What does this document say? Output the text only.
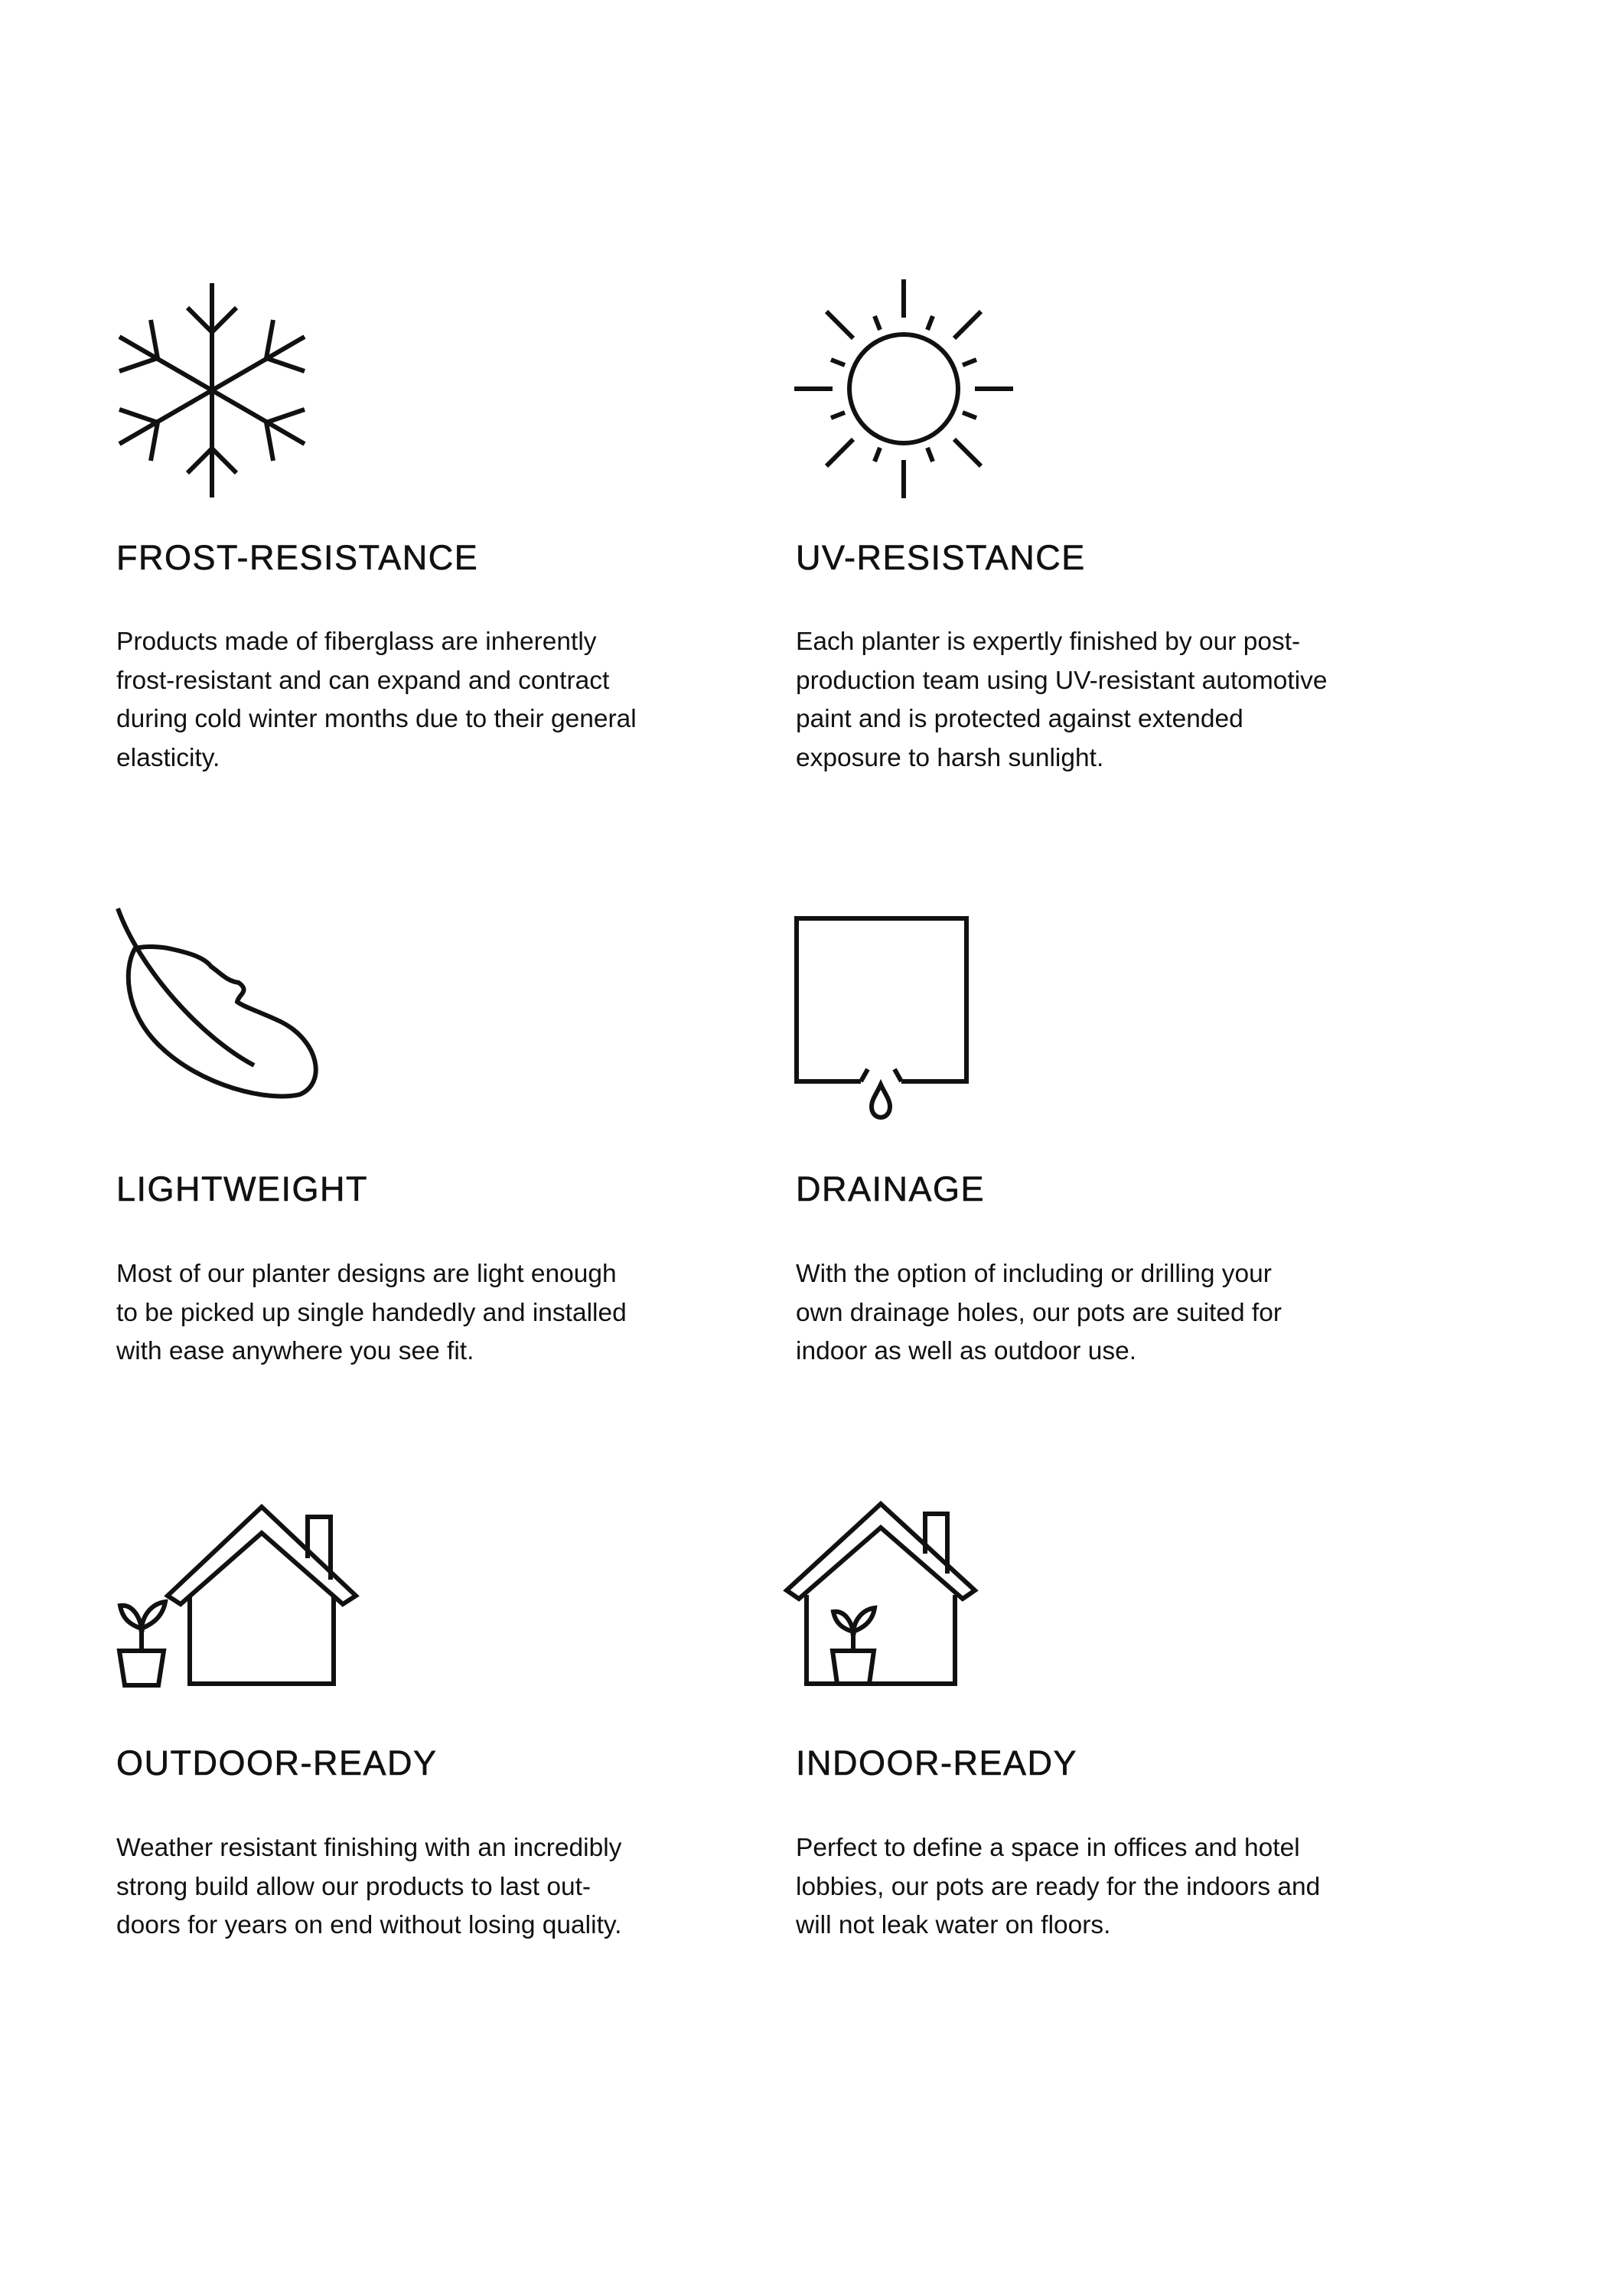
FROST-RESISTANCE

Products made of fiberglass are inherently
frost-resistant and can expand and contract
during cold winter months due to their general
elasticity.

UV-RESISTANCE

Each planter is expertly finished by our post-
production team using UV-resistant automotive
paint and is protected against extended
exposure to harsh sunlight.

LIGHTWEIGHT

Most of our planter designs are light enough
to be picked up single handedly and installed
with ease anywhere you see fit.

DRAINAGE

With the option of including or drilling your
own drainage holes, our pots are suited for
indoor as well as outdoor use.

OUTDOOR-READY

Weather resistant finishing with an incredibly
strong build allow our products to last out-
doors for years on end without losing quality.

INDOOR-READY

Perfect to define a space in offices and hotel
lobbies, our pots are ready for the indoors and
will not leak water on floors.
